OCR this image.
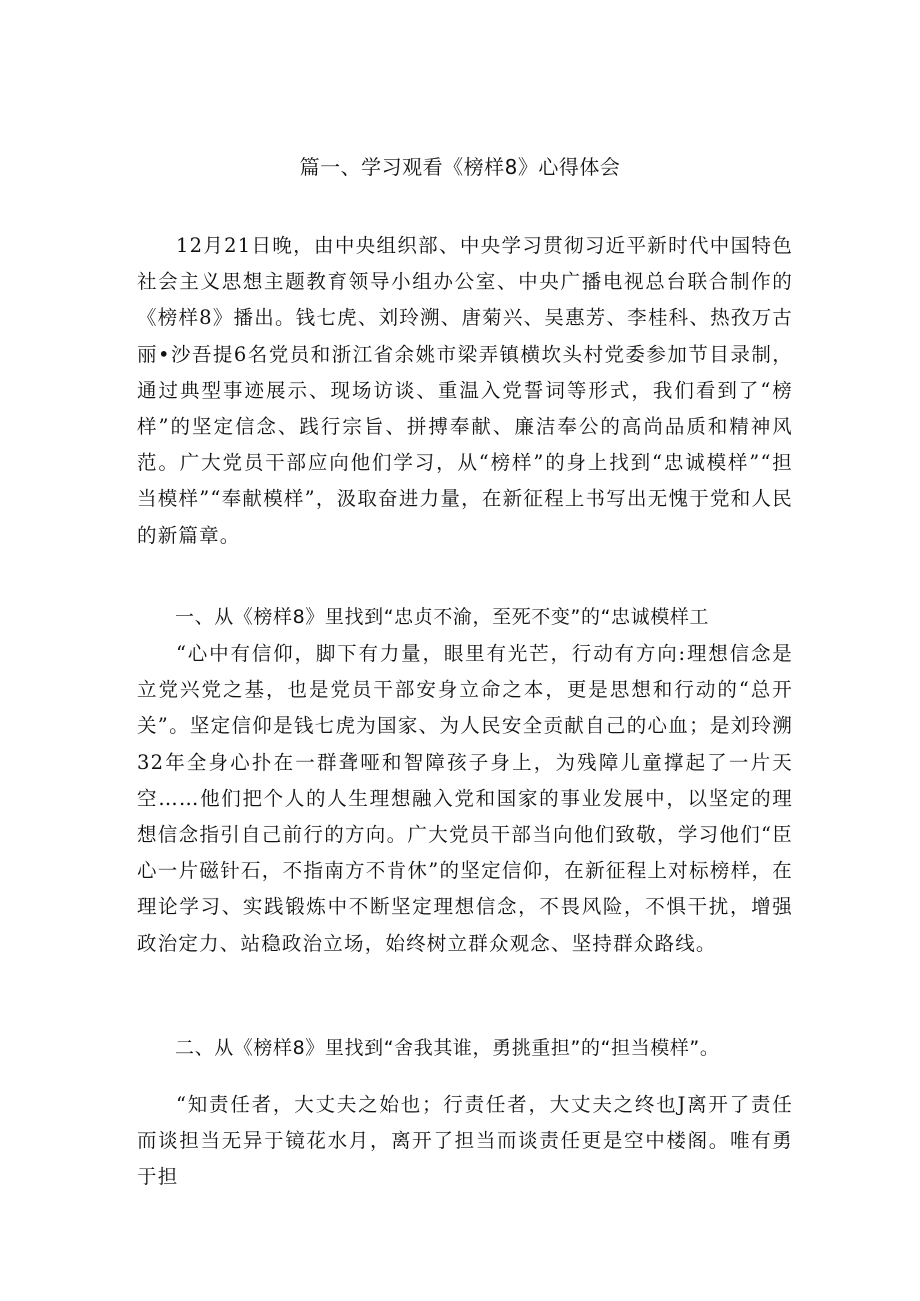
篇一、学习观看《榜样8》心得体会

12月21日晚，由中央组织部、中央学习贯彻习近平新时代中国特色社会主义思想主题教育领导小组办公室、中央广播电视总台联合制作的《榜样8》播出。钱七虎、刘玲溯、唐菊兴、吴惠芳、李桂科、热孜万古丽•沙吾提6名党员和浙江省余姚市梁弄镇横坎头村党委参加节目录制，通过典型事迹展示、现场访谈、重温入党誓词等形式，我们看到了“榜样”的坚定信念、践行宗旨、拼搏奉献、廉洁奉公的高尚品质和精神风范。广大党员干部应向他们学习，从“榜样”的身上找到“忠诚模样”“担当模样”“奉献模样”，汲取奋进力量，在新征程上书写出无愧于党和人民的新篇章。

一、从《榜样8》里找到“忠贞不渝，至死不变”的“忠诚模样工

“心中有信仰，脚下有力量，眼里有光芒，行动有方向:理想信念是立党兴党之基，也是党员干部安身立命之本，更是思想和行动的“总开关”。坚定信仰是钱七虎为国家、为人民安全贡献自己的心血；是刘玲溯32年全身心扑在一群聋哑和智障孩子身上，为残障儿童撑起了一片天空……他们把个人的人生理想融入党和国家的事业发展中，以坚定的理想信念指引自己前行的方向。广大党员干部当向他们致敬，学习他们“臣心一片磁针石，不指南方不肯休”的坚定信仰，在新征程上对标榜样，在理论学习、实践锻炼中不断坚定理想信念，不畏风险，不惧干扰，增强政治定力、站稳政治立场，始终树立群众观念、坚持群众路线。

二、从《榜样8》里找到“舍我其谁，勇挑重担”的“担当模样”。

“知责任者，大丈夫之始也；行责任者，大丈夫之终也J离开了责任而谈担当无异于镜花水月，离开了担当而谈责任更是空中楼阁。唯有勇于担
